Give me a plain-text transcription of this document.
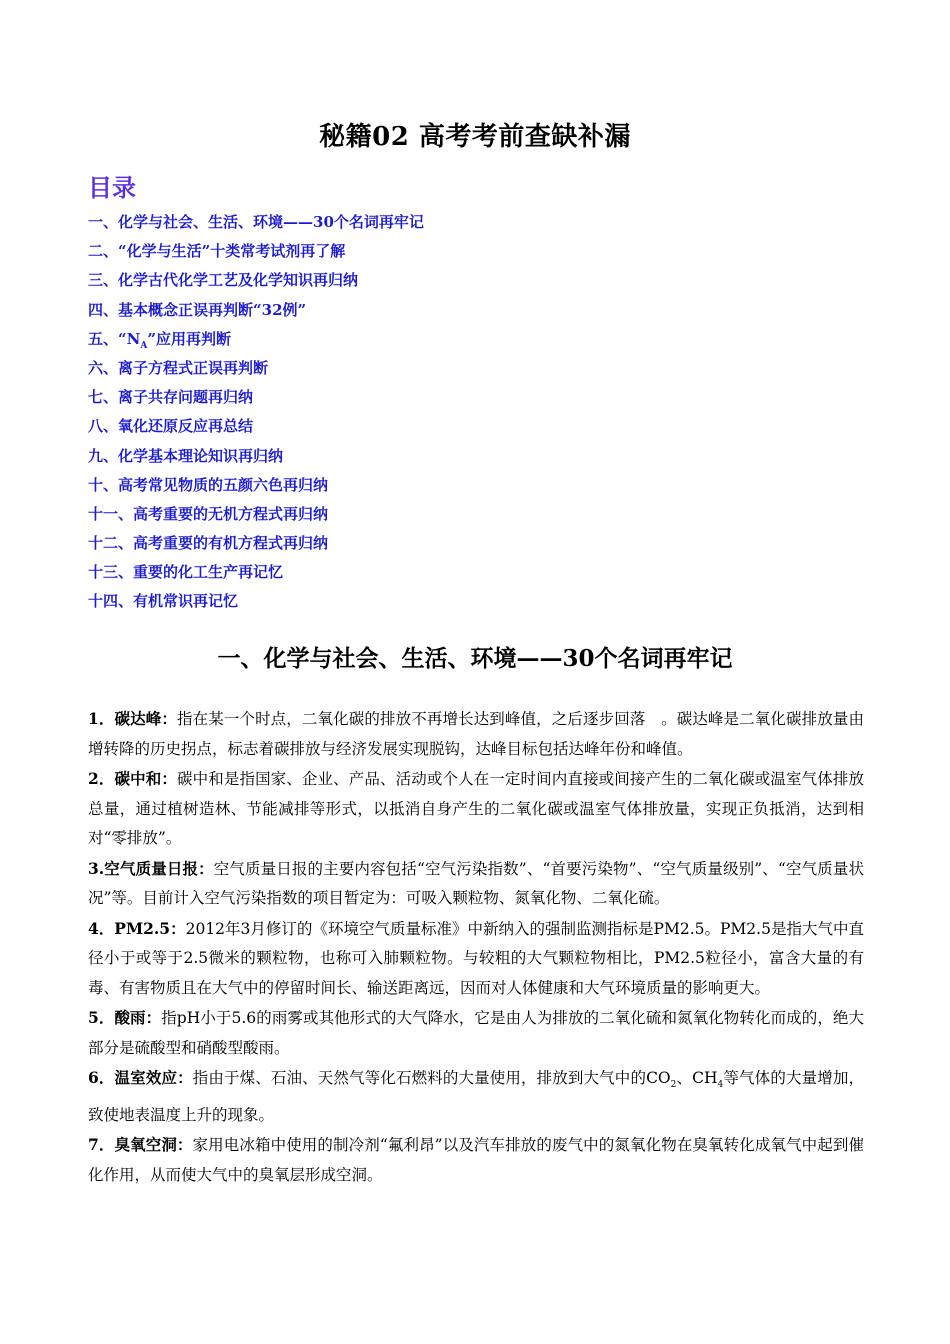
秘籍02 高考考前查缺补漏
目录
一、化学与社会、生活、环境——30个名词再牢记
二、“化学与生活”十类常考试剂再了解
三、化学古代化学工艺及化学知识再归纳
四、基本概念正误再判断“32例”
五、“$N_A$”应用再判断
六、离子方程式正误再判断
七、离子共存问题再归纳
八、氧化还原反应再总结
九、化学基本理论知识再归纳
十、高考常见物质的五颜六色再归纳
十一、高考重要的无机方程式再归纳
十二、高考重要的有机方程式再归纳
十三、重要的化工生产再记忆
十四、有机常识再记忆
一、化学与社会、生活、环境——30个名词再牢记

1．碳达峰：指在某一个时点，二氧化碳的排放不再增长达到峰值，之后逐步回落　。碳达峰是二氧化碳排放量由增转降的历史拐点，标志着碳排放与经济发展实现脱钩，达峰目标包括达峰年份和峰值。

2．碳中和：碳中和是指国家、企业、产品、活动或个人在一定时间内直接或间接产生的二氧化碳或温室气体排放总量，通过植树造林、节能减排等形式，以抵消自身产生的二氧化碳或温室气体排放量，实现正负抵消，达到相对“零排放”。

3.空气质量日报：空气质量日报的主要内容包括“空气污染指数”、“首要污染物”、“空气质量级别”、“空气质量状况”等。目前计入空气污染指数的项目暂定为：可吸入颗粒物、氮氧化物、二氧化硫。

4．PM2.5：2012年3月修订的《环境空气质量标准》中新纳入的强制监测指标是PM2.5。PM2.5是指大气中直径小于或等于2.5微米的颗粒物，也称可入肺颗粒物。与较粗的大气颗粒物相比，PM2.5粒径小，富含大量的有毒、有害物质且在大气中的停留时间长、输送距离远，因而对人体健康和大气环境质量的影响更大。

5．酸雨：指pH小于5.6的雨雾或其他形式的大气降水，它是由人为排放的二氧化硫和氮氧化物转化而成的，绝大部分是硫酸型和硝酸型酸雨。

6．温室效应：指由于煤、石油、天然气等化石燃料的大量使用，排放到大气中的$CO_2$、$CH_4$等气体的大量增加，致使地表温度上升的现象。

7．臭氧空洞：家用电冰箱中使用的制冷剂“氟利昂”以及汽车排放的废气中的氮氧化物在臭氧转化成氧气中起到催化作用，从而使大气中的臭氧层形成空洞。
